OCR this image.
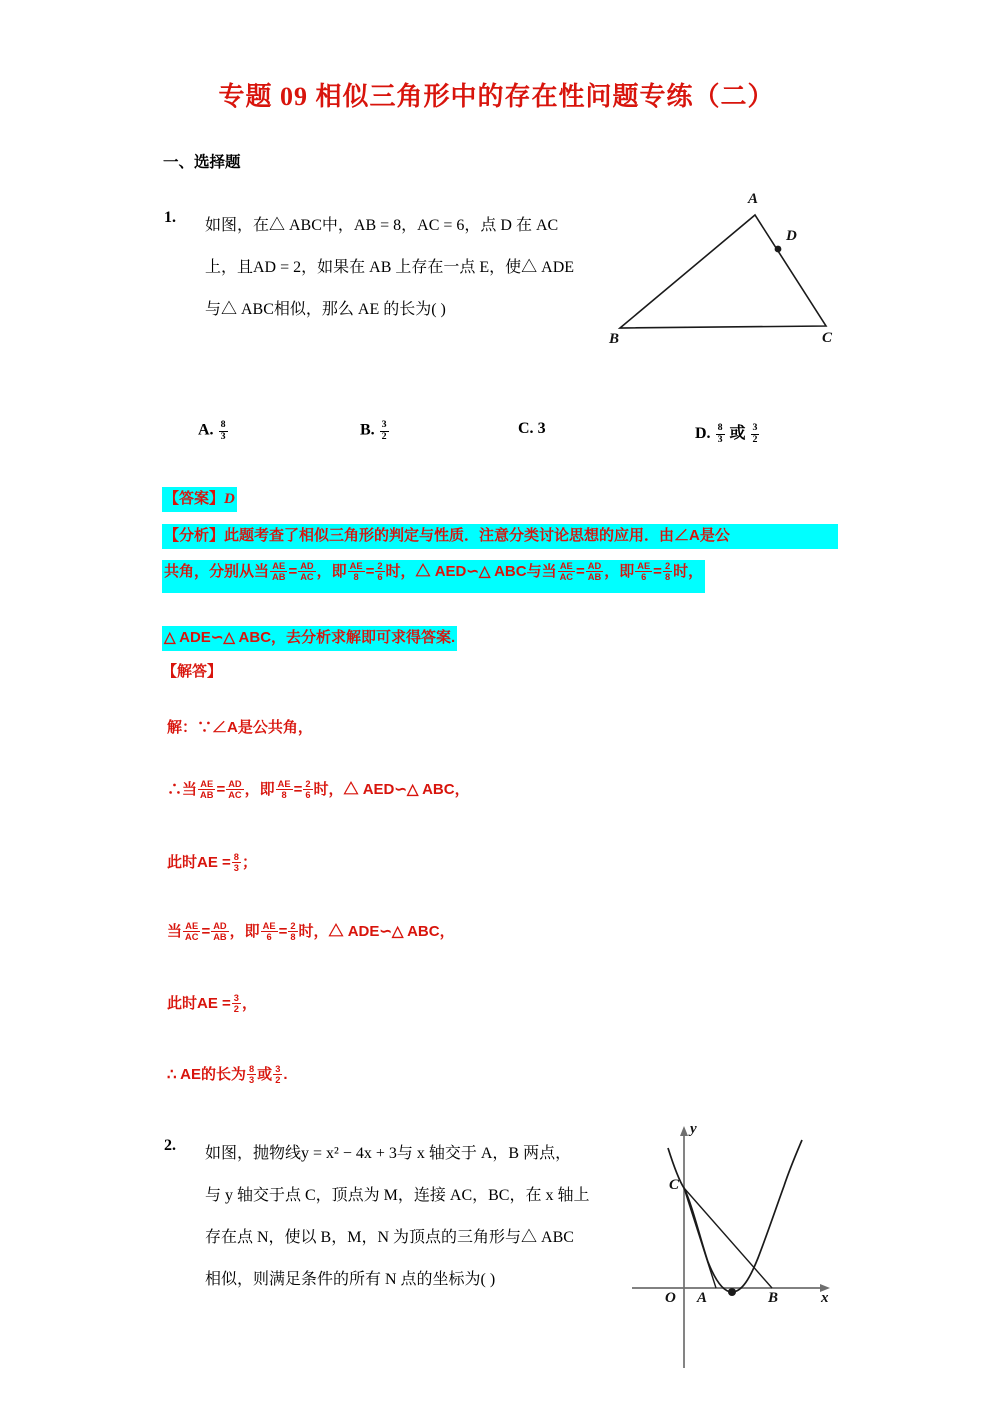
专题 09 相似三角形中的存在性问题专练（二）
一、选择题
1. 如图，在△ ABC中，AB = 8，AC = 6，点 D 在 AC
上，且AD = 2，如果在 AB 上存在一点 E，使△ ADE
与△ ABC相似，那么 AE 的长为( )
A
D
B	C
A. $\frac{8}{3}$	B. $\frac{3}{2}$	C. 3	D. $\frac{8}{3}$ 或 $\frac{3}{2}$
【答案】D
【分析】此题考查了相似三角形的判定与性质．注意分类讨论思想的应用．由∠A是公
共角，分别从当 $\frac{AE}{AB} = \frac{AD}{AC}$ ，即 $\frac{AE}{8} = \frac{2}{6}$ 时，△ AED∽△ ABC与当 $\frac{AE}{AC} = \frac{AD}{AB}$ ，即 $\frac{AE}{6} = \frac{2}{8}$ 时，
△ ADE∽△ ABC，去分析求解即可求得答案.
【解答】
解：∵∠A是公共角，
∴当 $\frac{AE}{AB} = \frac{AD}{AC}$ ，即 $\frac{AE}{8} = \frac{2}{6}$ 时，△ AED∽△ ABC，
此时AE = $\frac{8}{3}$ ；
当 $\frac{AE}{AC} = \frac{AD}{AB}$ ，即 $\frac{AE}{6} = \frac{2}{8}$ 时，△ ADE∽△ ABC，
此时AE = $\frac{3}{2}$ ，
∴ AE的长为 $\frac{8}{3}$ 或 $\frac{3}{2}$ .
2. 如图，抛物线y = x² − 4x + 3与 x 轴交于 A，B 两点，
与 y 轴交于点 C，顶点为 M，连接 AC，BC，在 x 轴上
存在点 N，使以 B，M，N 为顶点的三角形与△ ABC
相似，则满足条件的所有 N 点的坐标为( )
y
x
O
C
A	B
